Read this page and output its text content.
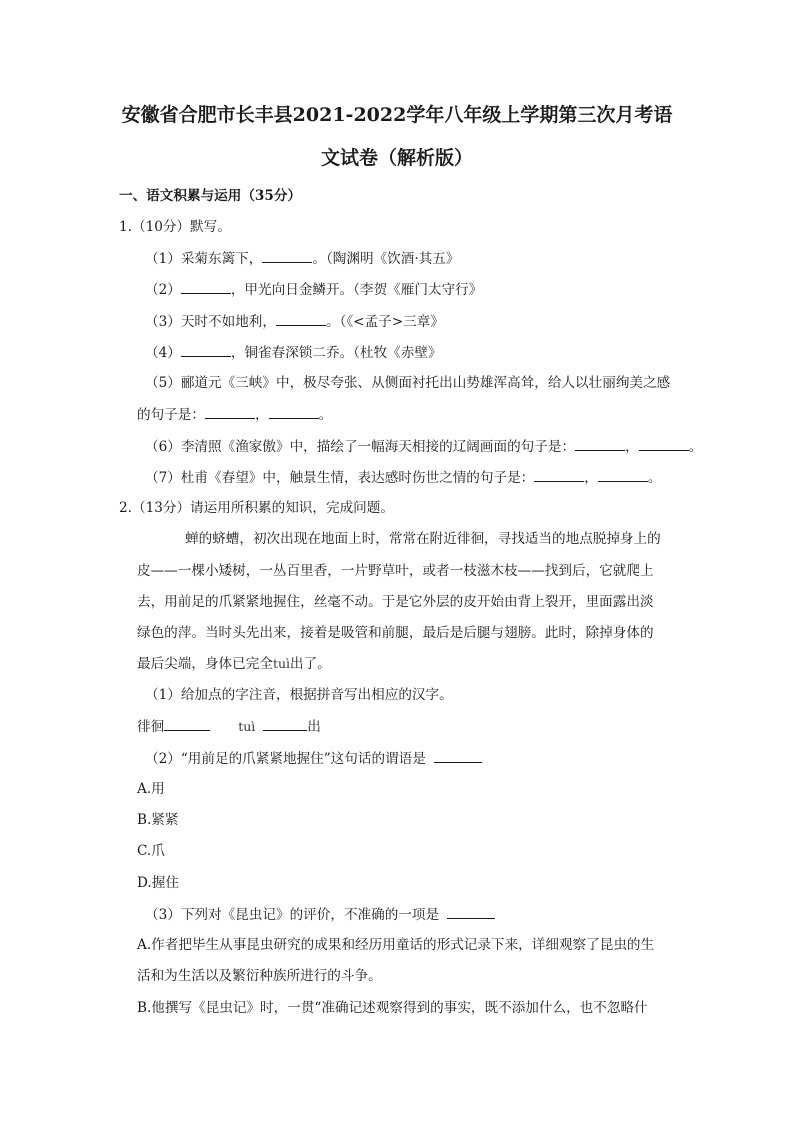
安徽省合肥市长丰县2021-2022学年八年级上学期第三次月考语
文试卷（解析版）
一、语文积累与运用（35分）
1.（10分）默写。
（1）采菊东篱下，	。（陶渊明《饮酒·其五》
（2）	，甲光向日金鳞开。（李贺《雁门太守行》
（3）天时不如地利，	。（《<孟子>三章》
（4）	，铜雀春深锁二乔。（杜牧《赤壁》
（5）郦道元《三峡》中，极尽夸张、从侧面衬托出山势雄浑高耸，给人以壮丽绚美之感
的句子是：	，	。
（6）李清照《渔家傲》中，描绘了一幅海天相接的辽阔画面的句子是：	，	。
（7）杜甫《春望》中，触景生情，表达感时伤世之情的句子是：	，	。
2.（13分）请运用所积累的知识，完成问题。
蝉的蛴螬，初次出现在地面上时，常常在附近徘徊，寻找适当的地点脱掉身上的
皮——一棵小矮树，一丛百里香，一片野草叶，或者一枝滋木枝——找到后，它就爬上
去，用前足的爪紧紧地握住，丝毫不动。于是它外层的皮开始由背上裂开，里面露出淡
绿色的萍。当时头先出来，接着是吸管和前腿，最后是后腿与翅膀。此时，除掉身体的
最后尖端，身体已完全tuì出了。
（1）给加点的字注音，根据拼音写出相应的汉字。
徘徊	tuì	出
（2）“用前足的爪紧紧地握住”这句话的谓语是
A.用
B.紧紧
C.爪
D.握住
（3）下列对《昆虫记》的评价，不准确的一项是
A.作者把毕生从事昆虫研究的成果和经历用童话的形式记录下来，详细观察了昆虫的生
活和为生活以及繁衍种族所进行的斗争。
B.他撰写《昆虫记》时，一贯“准确记述观察得到的事实，既不添加什么，也不忽略什
